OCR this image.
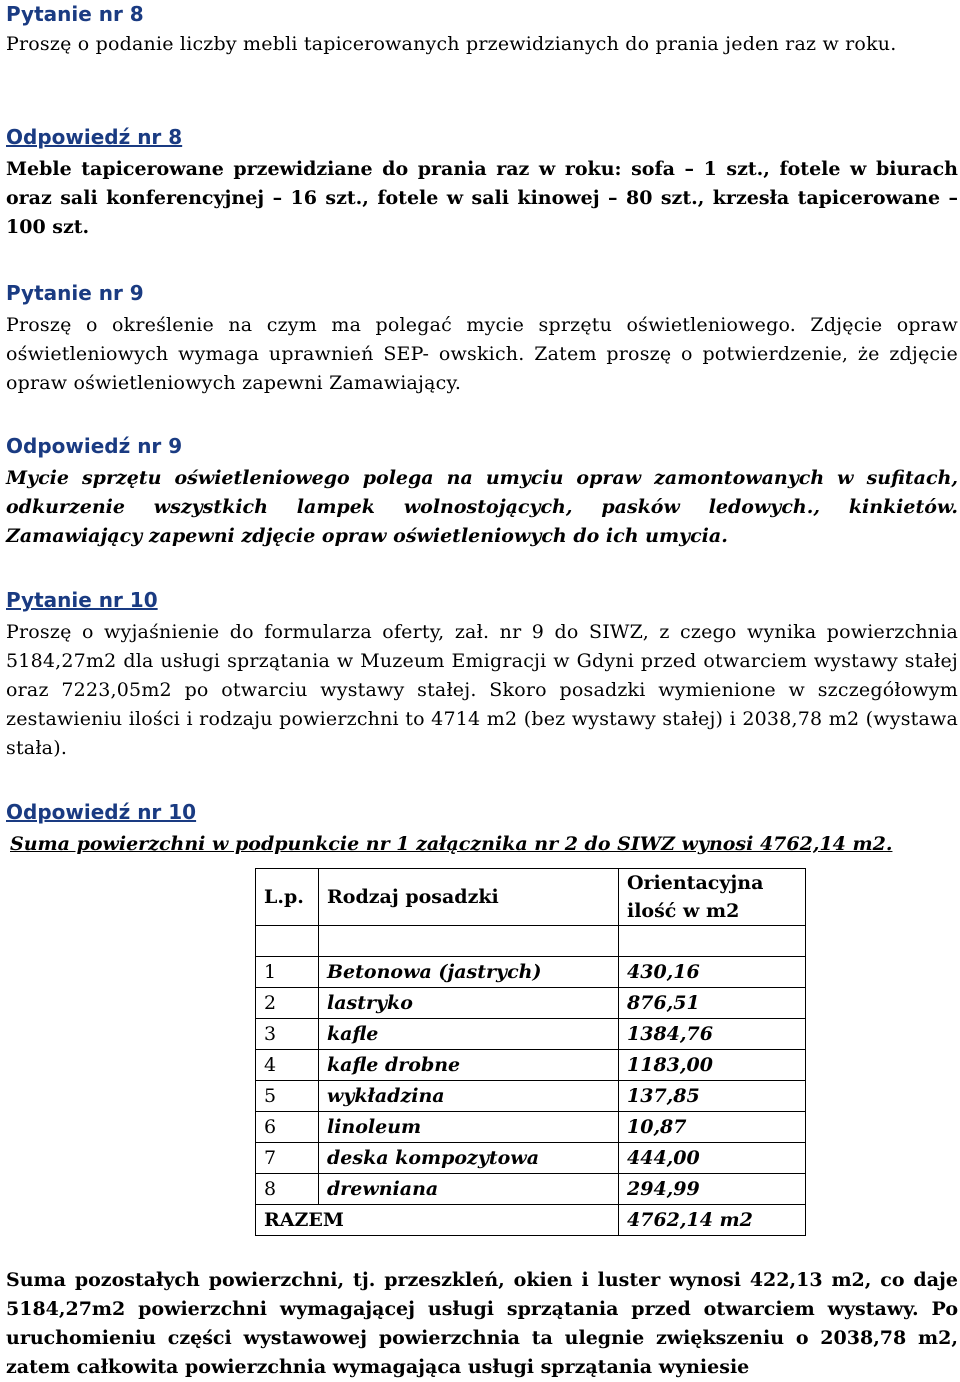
Pytanie nr 8

Proszę o podanie liczby mebli tapicerowanych przewidzianych do prania jeden raz w roku.

Odpowiedź nr 8

Meble tapicerowane przewidziane do prania raz w roku: sofa – 1 szt., fotele w biurach oraz sali konferencyjnej – 16 szt., fotele w sali kinowej – 80 szt., krzesła tapicerowane – 100 szt.

Pytanie nr 9

Proszę o określenie na czym ma polegać mycie sprzętu oświetleniowego. Zdjęcie opraw oświetleniowych wymaga uprawnień SEP- owskich. Zatem proszę o potwierdzenie, że zdjęcie opraw oświetleniowych zapewni Zamawiający.

Odpowiedź nr 9

Mycie sprzętu oświetleniowego polega na umyciu opraw zamontowanych w sufitach, odkurzenie wszystkich lampek wolnostojących, pasków ledowych., kinkietów. Zamawiający zapewni zdjęcie opraw oświetleniowych do ich umycia.

Pytanie nr 10

Proszę o wyjaśnienie do formularza oferty, zał. nr 9 do SIWZ, z czego wynika powierzchnia 5184,27m2 dla usługi sprzątania w Muzeum Emigracji w Gdyni przed otwarciem wystawy stałej oraz 7223,05m2 po otwarciu wystawy stałej. Skoro posadzki wymienione w szczegółowym zestawieniu ilości i rodzaju powierzchni to 4714 m2 (bez wystawy stałej) i 2038,78 m2 (wystawa stała).

Odpowiedź nr 10
Suma powierzchni w podpunkcie nr 1 załącznika nr 2 do SIWZ wynosi 4762,14 m2.
L.p.	Rodzaj posadzki	Orientacyjna ilość w m2

1	Betonowa (jastrych)	430,16
2	lastryko	876,51
3	kafle	1384,76
4	kafle drobne	1183,00
5	wykładzina	137,85
6	linoleum	10,87
7	deska kompozytowa	444,00
8	drewniana	294,99
RAZEM		4762,14 m2

Suma pozostałych powierzchni, tj. przeszkleń, okien i luster wynosi 422,13 m2, co daje 5184,27m2 powierzchni wymagającej usługi sprzątania przed otwarciem wystawy. Po uruchomieniu części wystawowej powierzchnia ta ulegnie zwiększeniu o 2038,78 m2, zatem całkowita powierzchnia wymagająca usługi sprzątania wyniesie
